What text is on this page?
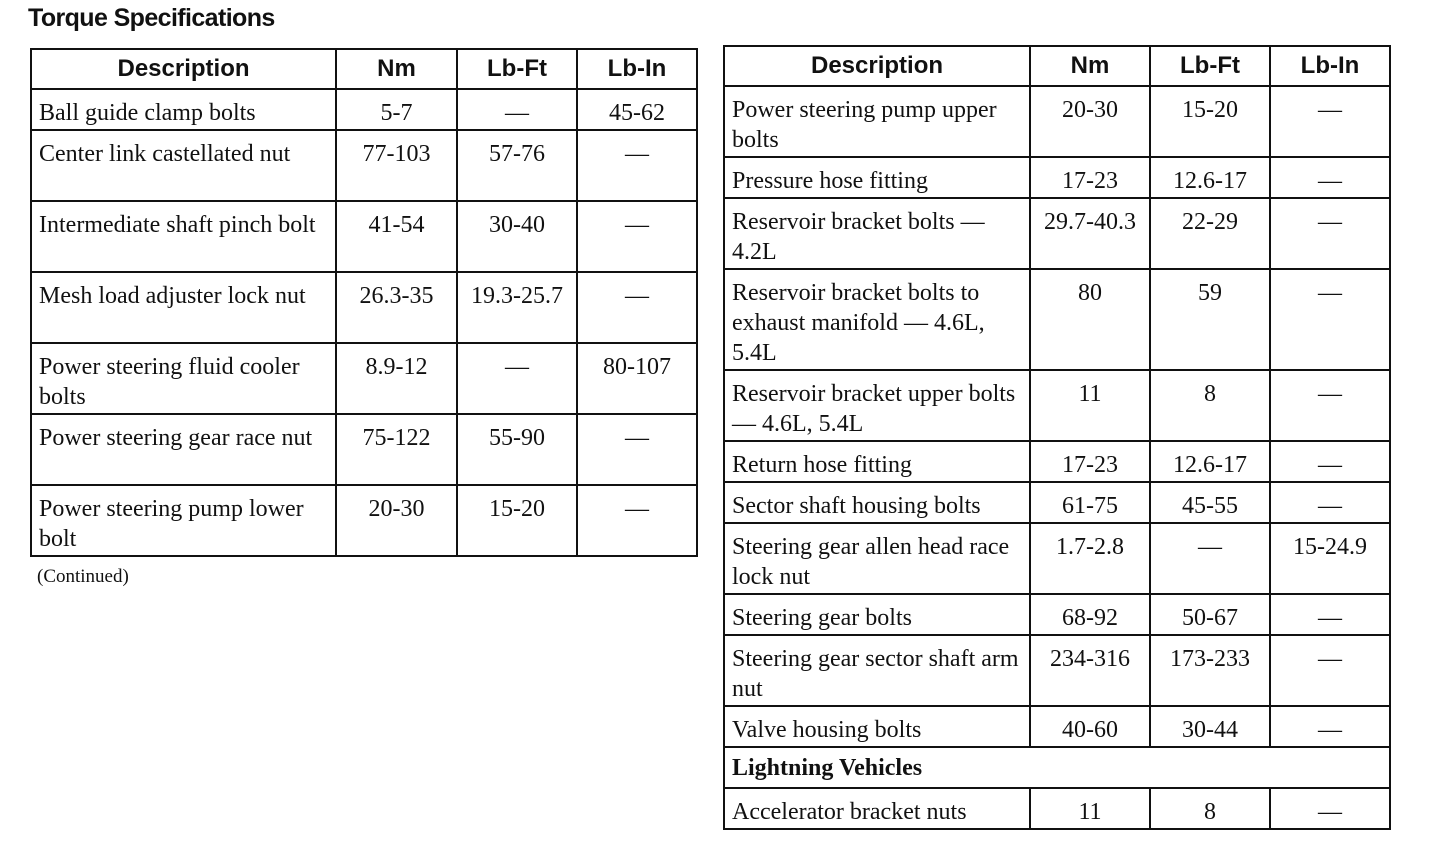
Torque Specifications
Description	Nm	Lb-Ft	Lb-In
Ball guide clamp bolts	5-7	—	45-62
Center link castellated nut	77-103	57-76	—
Intermediate shaft pinch bolt	41-54	30-40	—
Mesh load adjuster lock nut	26.3-35	19.3-25.7	—
Power steering fluid cooler bolts	8.9-12	—	80-107
Power steering gear race nut	75-122	55-90	—
Power steering pump lower bolt	20-30	15-20	—
(Continued)
Description	Nm	Lb-Ft	Lb-In
Power steering pump upper bolts	20-30	15-20	—
Pressure hose fitting	17-23	12.6-17	—
Reservoir bracket bolts — 4.2L	29.7-40.3	22-29	—
Reservoir bracket bolts to exhaust manifold — 4.6L, 5.4L	80	59	—
Reservoir bracket upper bolts — 4.6L, 5.4L	11	8	—
Return hose fitting	17-23	12.6-17	—
Sector shaft housing bolts	61-75	45-55	—
Steering gear allen head race lock nut	1.7-2.8	—	15-24.9
Steering gear bolts	68-92	50-67	—
Steering gear sector shaft arm nut	234-316	173-233	—
Valve housing bolts	40-60	30-44	—
Lightning Vehicles			
Accelerator bracket nuts	11	8	—
